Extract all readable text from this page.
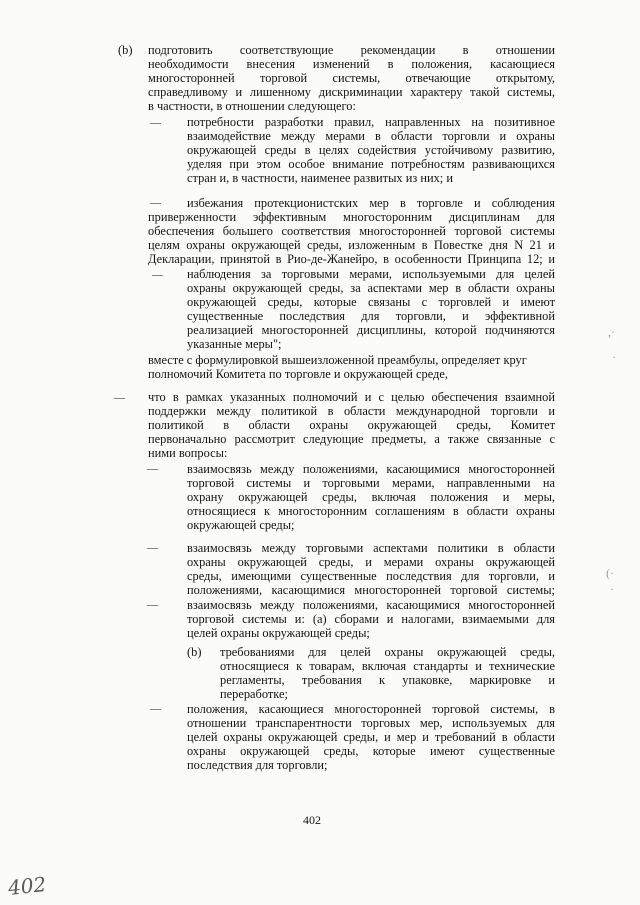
(b) подготовить соответствующие рекомендации в отношении

необходимости внесения изменений в положения, касающиеся

многосторонней торговой системы, отвечающие открытому,

справедливому и лишенному дискриминации характеру такой системы,

в частности, в отношении следующего:

потребности разработки правил, направленных на позитивное

взаимодействие между мерами в области торговли и охраны

окружающей среды в целях содействия устойчивому развитию,

уделяя при этом особое внимание потребностям развивающихся

стран и, в частности, наименее развитых из них; и

избежания протекционистских мер в торговле и соблюдения

приверженности эффективным многосторонним дисциплинам для

обеспечения большего соответствия многосторонней торговой системы

целям охраны окружающей среды, изложенным в Повестке дня N 21 и

Декларации, принятой в Рио-де-Жанейро, в особенности Принципа 12; и

наблюдения за торговыми мерами, используемыми для целей

охраны окружающей среды, за аспектами мер в области охраны

окружающей среды, которые связаны с торговлей и имеют

существенные последствия для торговли, и эффективной

реализацией многосторонней дисциплины, которой подчиняются

указанные меры";

вместе с формулировкой вышеизложенной преамбулы, определяет круг

полномочий Комитета по торговле и окружающей среде,

что в рамках указанных полномочий и с целью обеспечения взаимной

поддержки между политикой в области международной торговли и

политикой в области охраны окружающей среды, Комитет

первоначально рассмотрит следующие предметы, а также связанные с

ними вопросы:

взаимосвязь между положениями, касающимися многосторонней

торговой системы и торговыми мерами, направленными на

охрану окружающей среды, включая положения и меры,

относящиеся к многосторонним соглашениям в области охраны

окружающей среды;

взаимосвязь между торговыми аспектами политики в области

охраны окружающей среды, и мерами охраны окружающей

среды, имеющими существенные последствия для торговли, и

положениями, касающимися многосторонней торговой системы;

взаимосвязь между положениями, касающимися многосторонней

торговой системы и: (a) сборами и налогами, взимаемыми для

целей охраны окружающей среды;

требованиями для целей охраны окружающей среды,

относящиеся к товарам, включая стандарты и технические

регламенты, требования к упаковке, маркировке и

переработке;

положения, касающиеся многосторонней торговой системы, в

отношении транспарентности торговых мер, используемых для

целей охраны окружающей среды, и мер и требований в области

охраны окружающей среды, которые имеют существенные

последствия для торговли;

—
—
—
—
—
—
—
—

(b)

402
402
,·
·
(·
·
